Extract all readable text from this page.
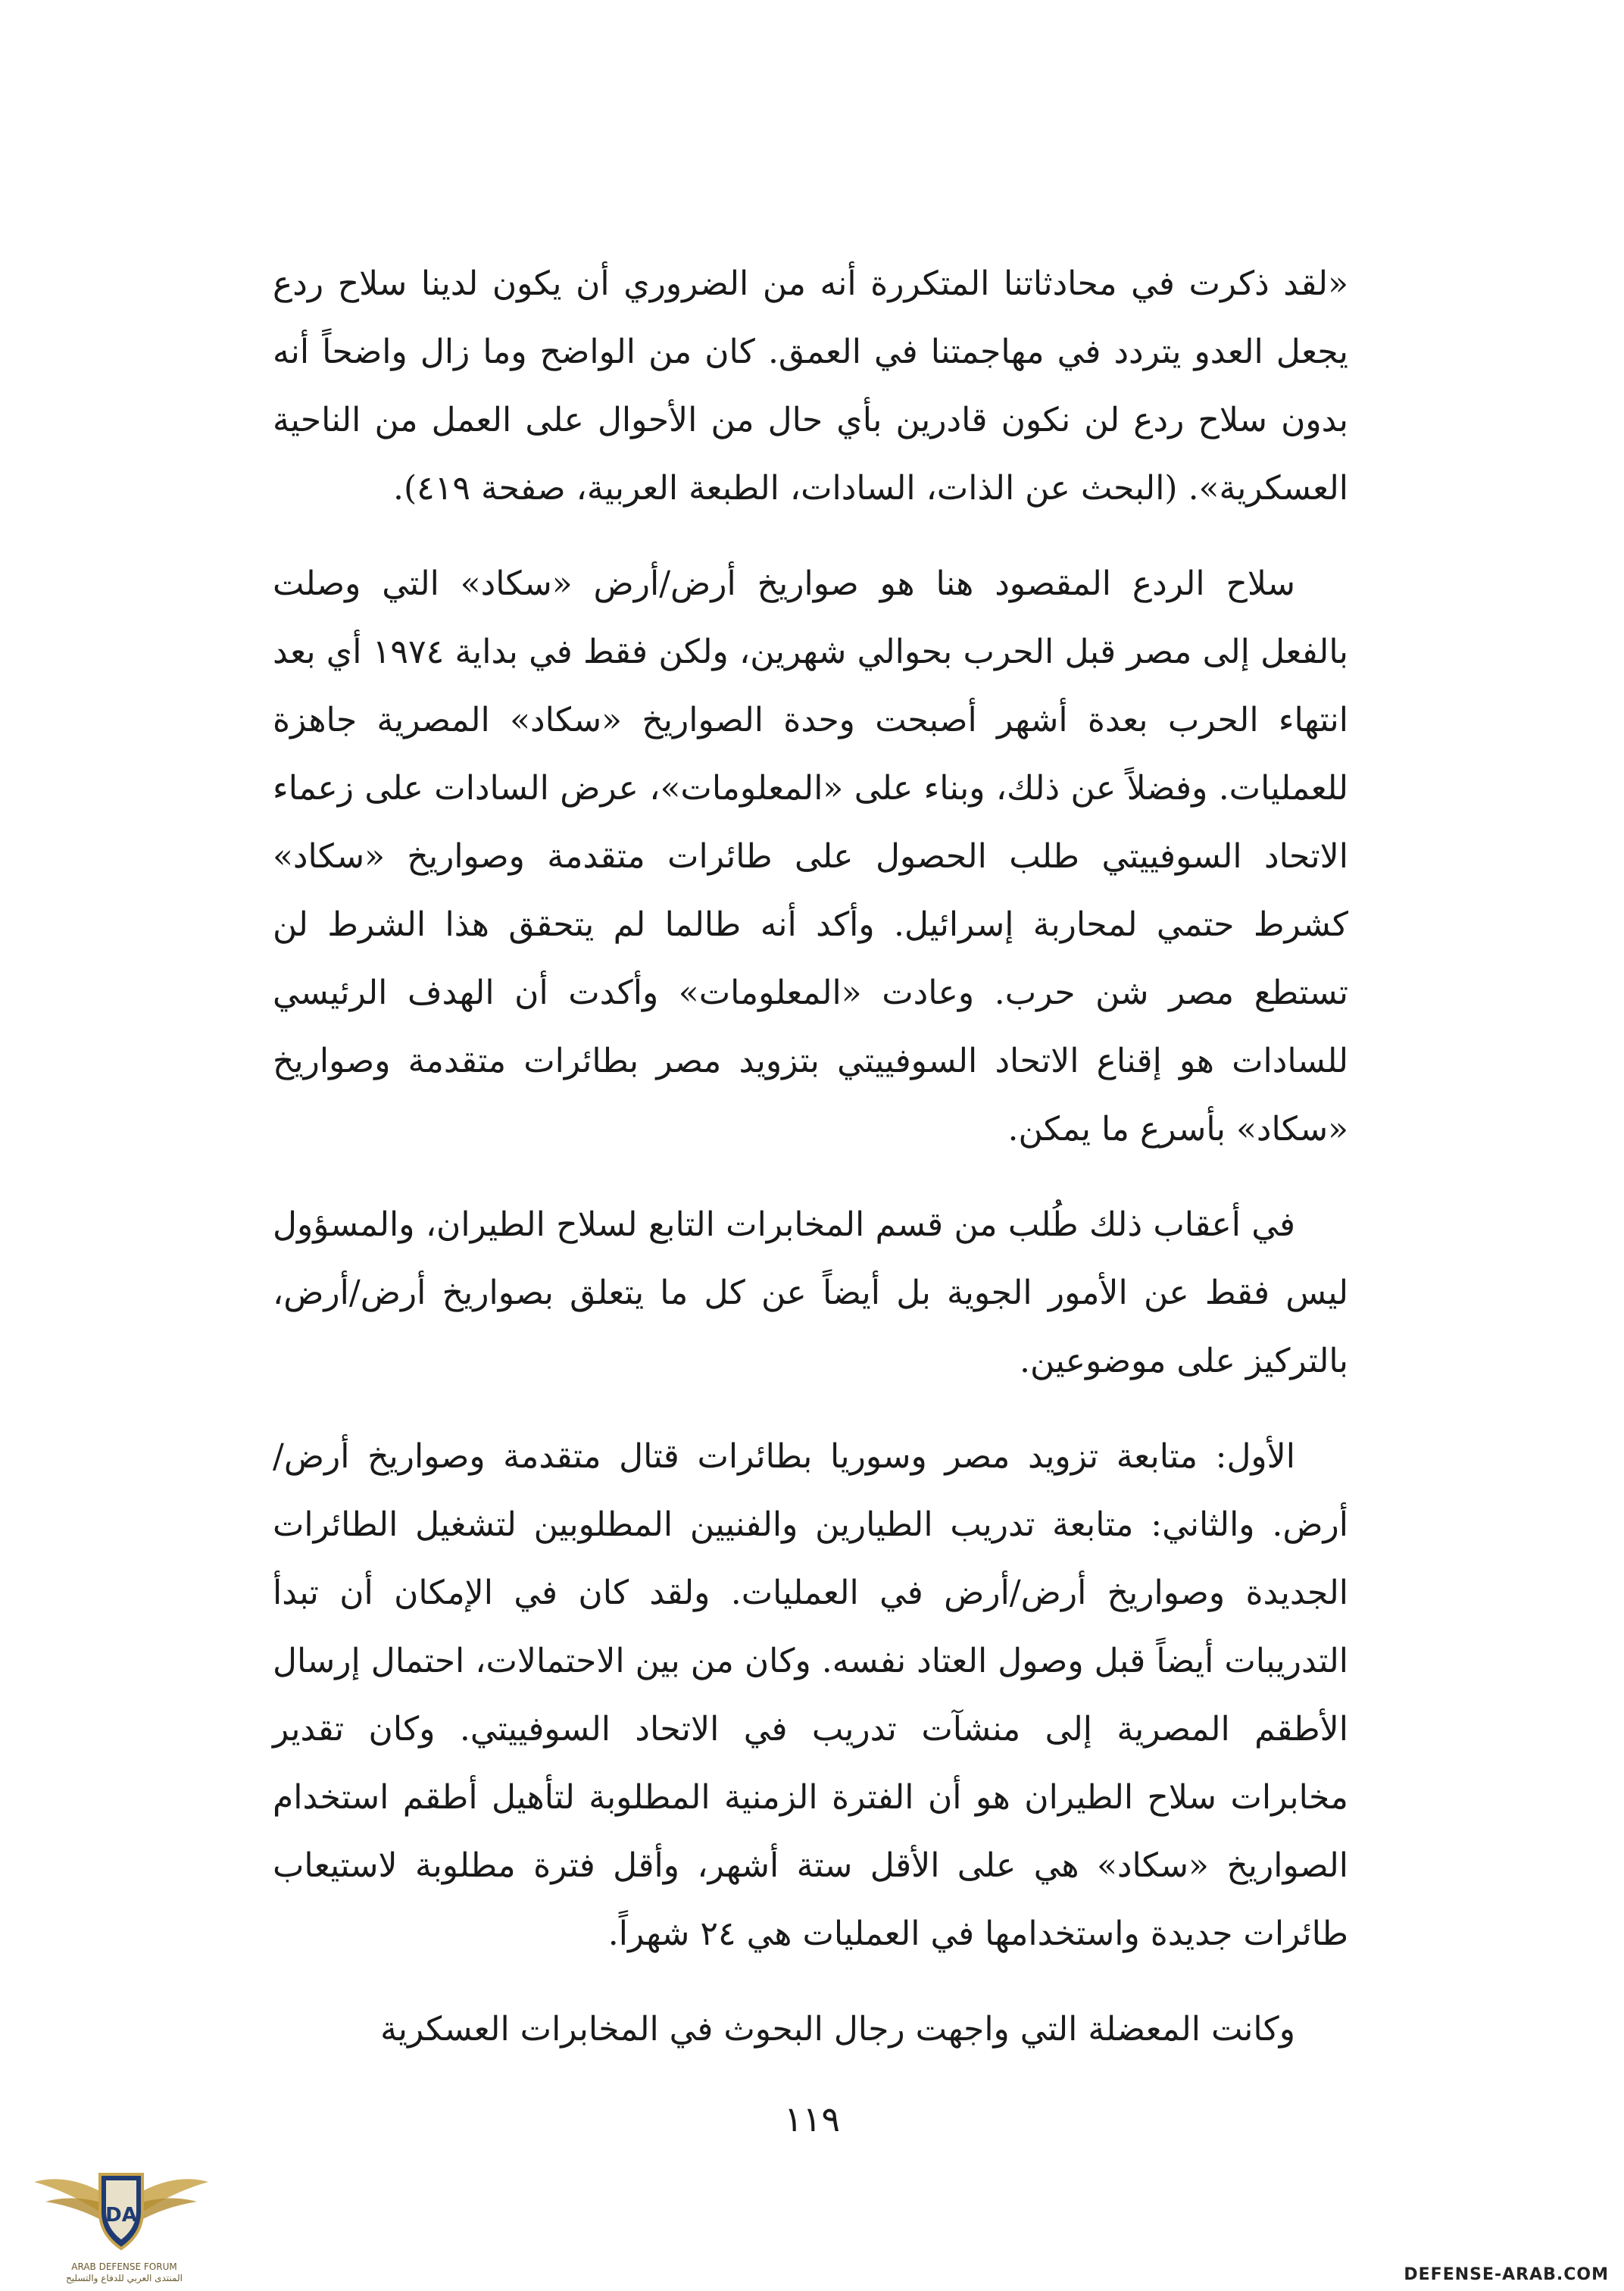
«لقد ذكرت في محادثاتنا المتكررة أنه من الضروري أن يكون لدينا سلاح ردع يجعل العدو يتردد في مهاجمتنا في العمق. كان من الواضح وما زال واضحاً أنه بدون سلاح ردع لن نكون قادرين بأي حال من الأحوال على العمل من الناحية العسكرية». (البحث عن الذات، السادات، الطبعة العربية، صفحة ٤١٩).

سلاح الردع المقصود هنا هو صواريخ أرض/أرض «سكاد» التي وصلت بالفعل إلى مصر قبل الحرب بحوالي شهرين، ولكن فقط في بداية ١٩٧٤ أي بعد انتهاء الحرب بعدة أشهر أصبحت وحدة الصواريخ «سكاد» المصرية جاهزة للعمليات. وفضلاً عن ذلك، وبناء على «المعلومات»، عرض السادات على زعماء الاتحاد السوفييتي طلب الحصول على طائرات متقدمة وصواريخ «سكاد» كشرط حتمي لمحاربة إسرائيل. وأكد أنه طالما لم يتحقق هذا الشرط لن تستطع مصر شن حرب. وعادت «المعلومات» وأكدت أن الهدف الرئيسي للسادات هو إقناع الاتحاد السوفييتي بتزويد مصر بطائرات متقدمة وصواريخ «سكاد» بأسرع ما يمكن.

في أعقاب ذلك طُلب من قسم المخابرات التابع لسلاح الطيران، والمسؤول ليس فقط عن الأمور الجوية بل أيضاً عن كل ما يتعلق بصواريخ أرض/أرض، بالتركيز على موضوعين.

الأول: متابعة تزويد مصر وسوريا بطائرات قتال متقدمة وصواريخ أرض/أرض. والثاني: متابعة تدريب الطيارين والفنيين المطلوبين لتشغيل الطائرات الجديدة وصواريخ أرض/أرض في العمليات. ولقد كان في الإمكان أن تبدأ التدريبات أيضاً قبل وصول العتاد نفسه. وكان من بين الاحتمالات، احتمال إرسال الأطقم المصرية إلى منشآت تدريب في الاتحاد السوفييتي. وكان تقدير مخابرات سلاح الطيران هو أن الفترة الزمنية المطلوبة لتأهيل أطقم استخدام الصواريخ «سكاد» هي على الأقل ستة أشهر، وأقل فترة مطلوبة لاستيعاب طائرات جديدة واستخدامها في العمليات هي ٢٤ شهراً.

وكانت المعضلة التي واجهت رجال البحوث في المخابرات العسكرية

١١٩
DA
ARAB DEFENSE FORUM
المنتدى العربي للدفاع والتسليح	DEFENSE-ARAB.COM
